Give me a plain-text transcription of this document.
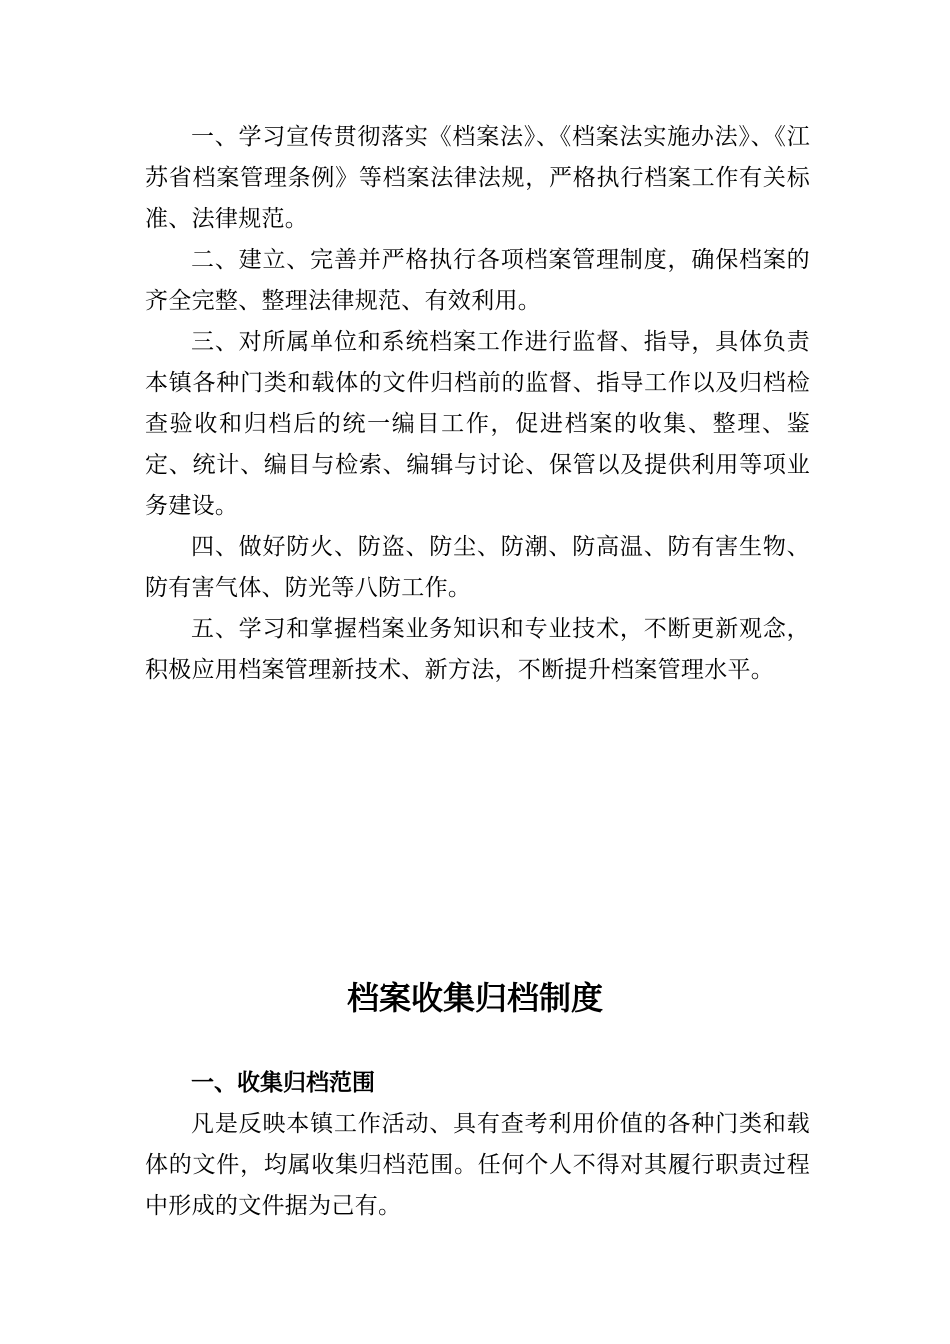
一、学习宣传贯彻落实《档案法》、《档案法实施办法》、《江苏省档案管理条例》等档案法律法规，严格执行档案工作有关标准、法律规范。

二、建立、完善并严格执行各项档案管理制度，确保档案的齐全完整、整理法律规范、有效利用。

三、对所属单位和系统档案工作进行监督、指导，具体负责本镇各种门类和载体的文件归档前的监督、指导工作以及归档检查验收和归档后的统一编目工作，促进档案的收集、整理、鉴定、统计、编目与检索、编辑与讨论、保管以及提供利用等项业务建设。

四、做好防火、防盗、防尘、防潮、防高温、防有害生物、防有害气体、防光等八防工作。

五、学习和掌握档案业务知识和专业技术，不断更新观念，积极应用档案管理新技术、新方法，不断提升档案管理水平。

档案收集归档制度

一、收集归档范围

凡是反映本镇工作活动、具有查考利用价值的各种门类和载体的文件，均属收集归档范围。任何个人不得对其履行职责过程中形成的文件据为己有。
